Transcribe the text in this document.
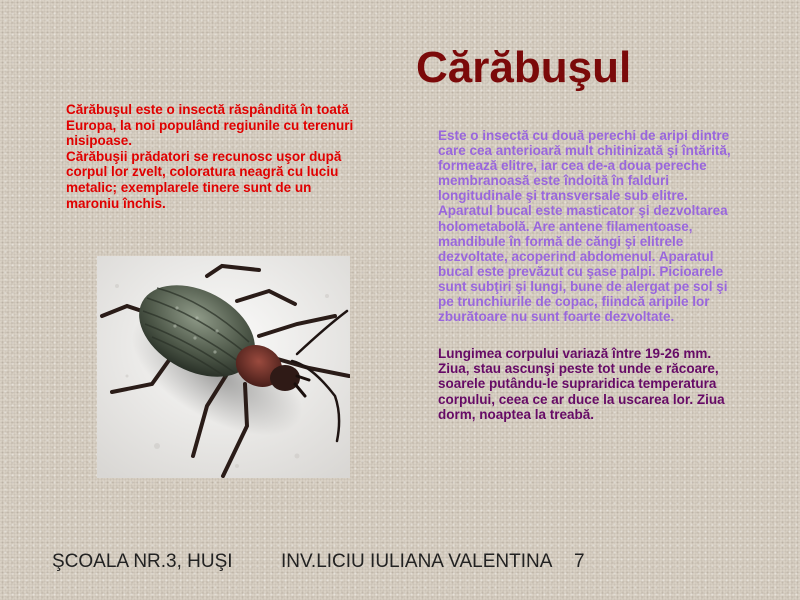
Cărăbuşul
Cărăbuşul este o insectă răspândită în toată Europa, la noi populând regiunile cu terenuri nisipoase.
Cărăbuşii prădatori se recunosc uşor după corpul lor zvelt, coloratura neagră cu luciu metalic; exemplarele tinere sunt de un maroniu închis.

Este o insectă cu două perechi de aripi dintre care cea anterioară mult chitinizată şi întărită, formează elitre, iar cea de-a doua pereche membranoasă este îndoită în falduri longitudinale şi transversale sub elitre. Aparatul bucal este masticator şi dezvoltarea holometabolă. Are antene filamentoase, mandibule în formă de căngi şi elitrele dezvoltate, acoperind abdomenul. Aparatul bucal este prevăzut cu şase palpi. Picioarele sunt subţiri şi lungi, bune de alergat pe sol şi pe trunchiurile de copac, fiindcă aripile lor zburătoare nu sunt foarte dezvoltate.

Lungimea corpului variază între 19-26 mm.
Ziua, stau ascunşi peste tot unde e răcoare, soarele putându-le supraridica temperatura corpului, ceea ce ar duce la uscarea lor. Ziua dorm, noaptea la treabă.

ŞCOALA NR.3, HUŞI	INV.LICIU IULIANA VALENTINA 7
